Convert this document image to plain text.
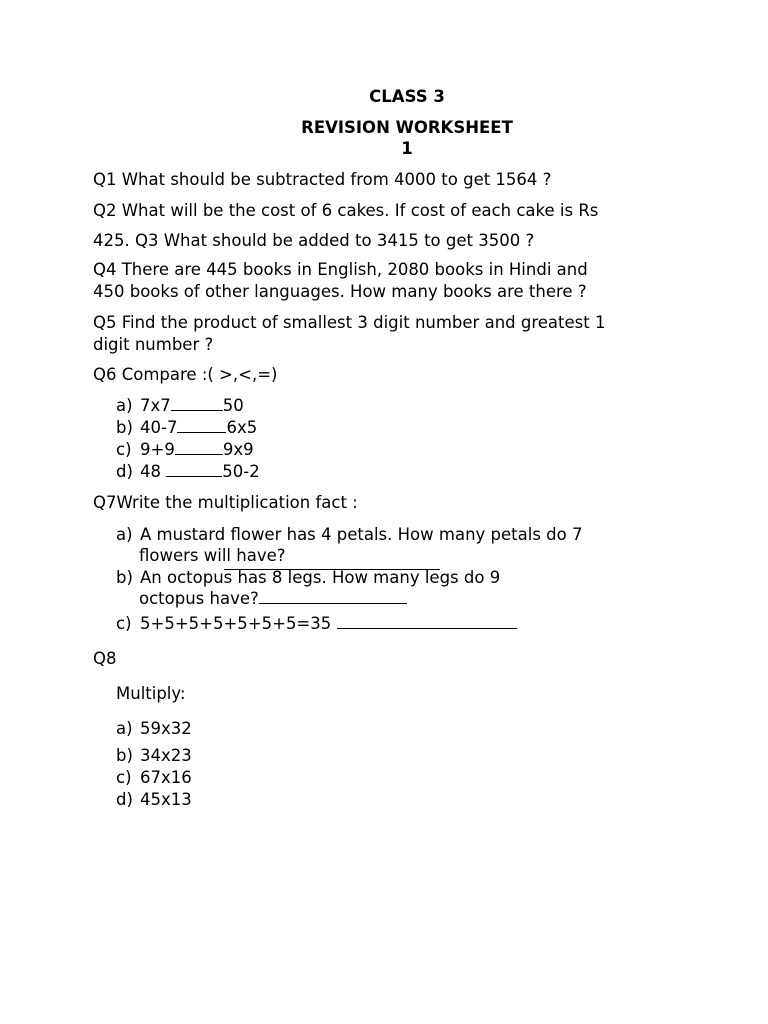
CLASS 3
REVISION WORKSHEET
1
Q1 What should be subtracted from 4000 to get 1564 ?
Q2 What will be the cost of 6 cakes. If cost of each cake is Rs
425. Q3 What should be added to 3415 to get 3500 ?
Q4 There are 445 books in English, 2080 books in Hindi and
450 books of other languages. How many books are there ?
Q5 Find the product of smallest 3 digit number and greatest 1
digit number ?
Q6 Compare :( >,<,=)
a) 7x7	50
b) 40-7	6x5
c) 9+9	9x9
d) 48	50-2
Q7Write the multiplication fact :
a) A mustard flower has 4 petals. How many petals do 7
flowers will have?
b) An octopus has 8 legs. How many legs do 9
octopus have?
c) 5+5+5+5+5+5+5=35
Q8
Multiply:
a) 59x32
b) 34x23
c) 67x16
d) 45x13
